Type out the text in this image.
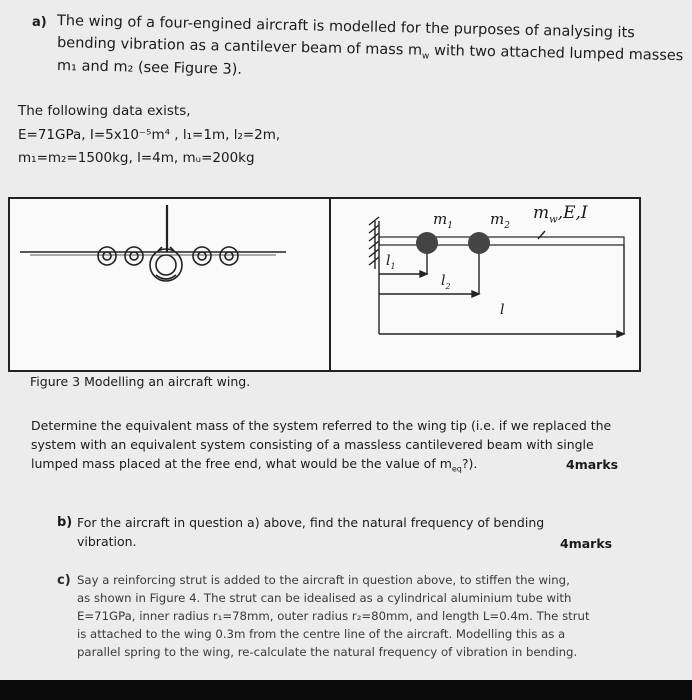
a) The wing of a four-engined aircraft is modelled for the purposes of analysing its

bending vibration as a cantilever beam of mass $m_w$ with two attached lumped masses

m₁ and m₂ (see Figure 3).

The following data exists,

E=71GPa, I=5x10⁻⁵m⁴ , l₁=1m, l₂=2m,

m₁=m₂=1500kg, l=4m, mᵤ=200kg

$m_1$ $m_2$
$m_w,E,I$
$l_1$
$l_2$
l

Figure 3 Modelling an aircraft wing.

Determine the equivalent mass of the system referred to the wing tip (i.e. if we replaced the

system with an equivalent system consisting of a massless cantilevered beam with single

lumped mass placed at the free end, what would be the value of $m_{eq}$?).	4marks
b) For the aircraft in question a) above, find the natural frequency of bending

vibration.	4marks
c) Say a reinforcing strut is added to the aircraft in question above, to stiffen the wing,

as shown in Figure 4. The strut can be idealised as a cylindrical aluminium tube with

E=71GPa, inner radius r₁=78mm, outer radius r₂=80mm, and length L=0.4m. The strut

is attached to the wing 0.3m from the centre line of the aircraft. Modelling this as a

parallel spring to the wing, re-calculate the natural frequency of vibration in bending.
